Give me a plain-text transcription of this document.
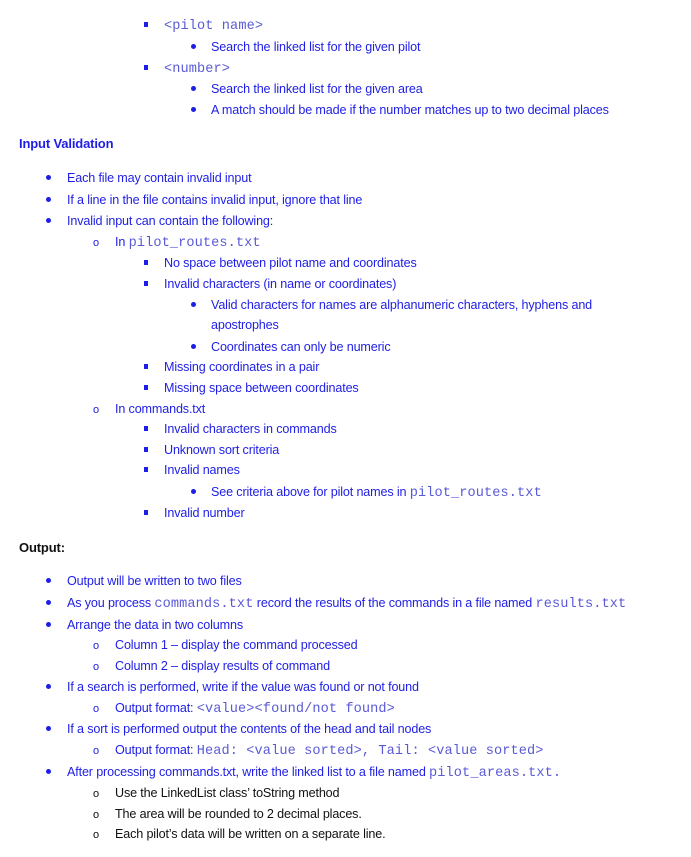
<pilot name>
Search the linked list for the given pilot
<number>
Search the linked list for the given area
A match should be made if the number matches up to two decimal places
Input Validation
Each file may contain invalid input
If a line in the file contains invalid input, ignore that line
Invalid input can contain the following:
o	In pilot_routes.txt
No space between pilot name and coordinates
Invalid characters (in name or coordinates)
Valid characters for names are alphanumeric characters, hyphens and
apostrophes
Coordinates can only be numeric
Missing coordinates in a pair
Missing space between coordinates
o	In commands.txt
Invalid characters in commands
Unknown sort criteria
Invalid names
See criteria above for pilot names in pilot_routes.txt
Invalid number
Output:
Output will be written to two files
As you process commands.txt record the results of the commands in a file named results.txt
Arrange the data in two columns
o	Column 1 – display the command processed
o	Column 2 – display results of command
If a search is performed, write if the value was found or not found
o	Output format: <value><found/not found>
If a sort is performed output the contents of the head and tail nodes
o	Output format: Head: <value sorted>, Tail: <value sorted>
After processing commands.txt, write the linked list to a file named pilot_areas.txt.
o	Use the LinkedList class’ toString method
o	The area will be rounded to 2 decimal places.
o	Each pilot’s data will be written on a separate line.
